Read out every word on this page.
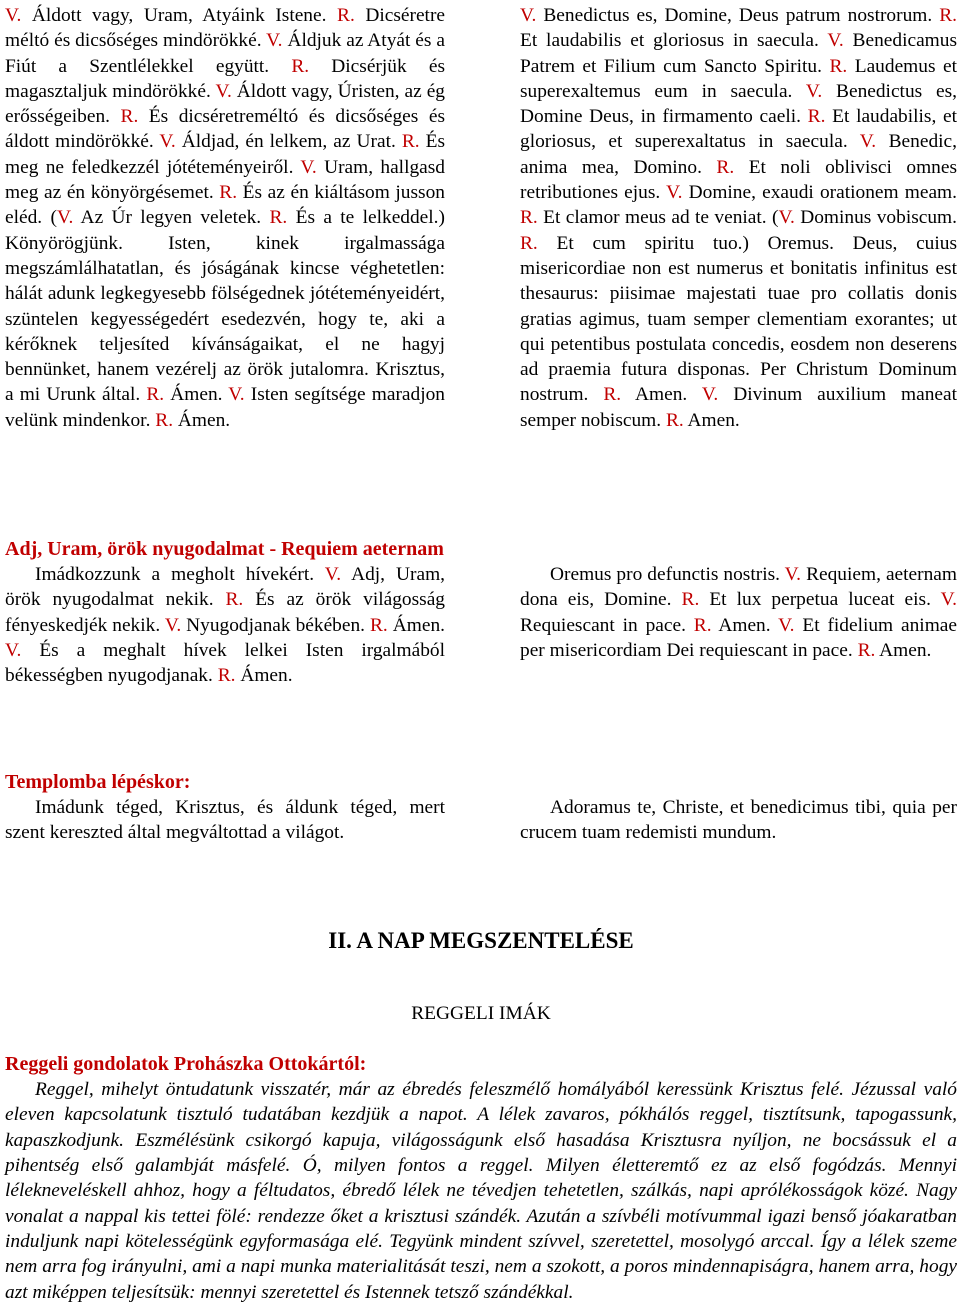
V. Áldott vagy, Uram, Atyáink Istene. R. Dicséretre méltó és dicsőséges mindörökké. V. Áldjuk az Atyát és a Fiút a Szentlélekkel együtt. R. Dicsérjük és magasztaljuk mindörökké. V. Áldott vagy, Úristen, az ég erősségeiben. R. És dicséretreméltó és dicsőséges és áldott mindörökké. V. Áldjad, én lelkem, az Urat. R. És meg ne feledkezzél jótéteményeiről. V. Uram, hallgasd meg az én könyörgésemet. R. És az én kiáltásom jusson eléd. (V. Az Úr legyen veletek. R. És a te lelkeddel.) Könyörögjünk. Isten, kinek irgalmassága megszámlálhatatlan, és jóságának kincse véghetetlen: hálát adunk legkegyesebb fölségednek jótéteményeidért, szüntelen kegyességedért esedezvén, hogy te, aki a kérőknek teljesíted kívánságaikat, el ne hagyj bennünket, hanem vezérelj az örök jutalomra. Krisztus, a mi Urunk által. R. Ámen. V. Isten segítsége maradjon velünk mindenkor. R. Ámen.

V. Benedictus es, Domine, Deus patrum nostrorum. R. Et laudabilis et gloriosus in saecula. V. Benedicamus Patrem et Filium cum Sancto Spiritu. R. Laudemus et superexaltemus eum in saecula. V. Benedictus es, Domine Deus, in firmamento caeli. R. Et laudabilis, et gloriosus, et superexaltatus in saecula. V. Benedic, anima mea, Domino. R. Et noli oblivisci omnes retributiones ejus. V. Domine, exaudi orationem meam. R. Et clamor meus ad te veniat. (V. Dominus vobiscum. R. Et cum spiritu tuo.) Oremus. Deus, cuius misericordiae non est numerus et bonitatis infinitus est thesaurus: piisimae majestati tuae pro collatis donis gratias agimus, tuam semper clementiam exorantes; ut qui petentibus postulata concedis, eosdem non deserens ad praemia futura disponas. Per Christum Dominum nostrum. R. Amen. V. Divinum auxilium maneat semper nobiscum. R. Amen.

Adj, Uram, örök nyugodalmat - Requiem aeternam

Imádkozzunk a megholt hívekért. V. Adj, Uram, örök nyugodalmat nekik. R. És az örök világosság fényeskedjék nekik. V. Nyugodjanak békében. R. Ámen. V. És a meghalt hívek lelkei Isten irgalmából békességben nyugodjanak. R. Ámen.

Oremus pro defunctis nostris. V. Requiem, aeternam dona eis, Domine. R. Et lux perpetua luceat eis. V. Requiescant in pace. R. Amen. V. Et fidelium animae per misericordiam Dei requiescant in pace. R. Amen.

Templomba lépéskor:

Imádunk téged, Krisztus, és áldunk téged, mert szent kereszted által megváltottad a világot.

Adoramus te, Christe, et benedicimus tibi, quia per crucem tuam redemisti mundum.

II. A NAP MEGSZENTELÉSE
REGGELI IMÁK
Reggeli gondolatok Prohászka Ottokártól:

Reggel, mihelyt öntudatunk visszatér, már az ébredés feleszmélő homályából keressünk Krisztus felé. Jézussal való eleven kapcsolatunk tisztuló tudatában kezdjük a napot. A lélek zavaros, pókhálós reggel, tisztítsunk, tapogassunk, kapaszkodjunk. Eszmélésünk csikorgó kapuja, világosságunk első hasadása Krisztusra nyíljon, ne bocsássuk el a pihentség első galambját másfelé. Ó, milyen fontos a reggel. Milyen életteremtő ez az első fogódzás. Mennyi lélekneveléskell ahhoz, hogy a féltudatos, ébredő lélek ne tévedjen tehetetlen, szálkás, napi aprólékosságok közé. Nagy vonalat a nappal kis tettei fölé: rendezze őket a krisztusi szándék. Azután a szívbéli motívummal igazi benső jóakaratban induljunk napi kötelességünk egyformasága elé. Tegyünk mindent szívvel, szeretettel, mosolygó arccal. Így a lélek szeme nem arra fog irányulni, ami a napi munka materialitását teszi, nem a szokott, a poros mindennapiságra, hanem arra, hogy azt miképpen teljesítsük: mennyi szeretettel és Istennek tetsző szándékkal.
